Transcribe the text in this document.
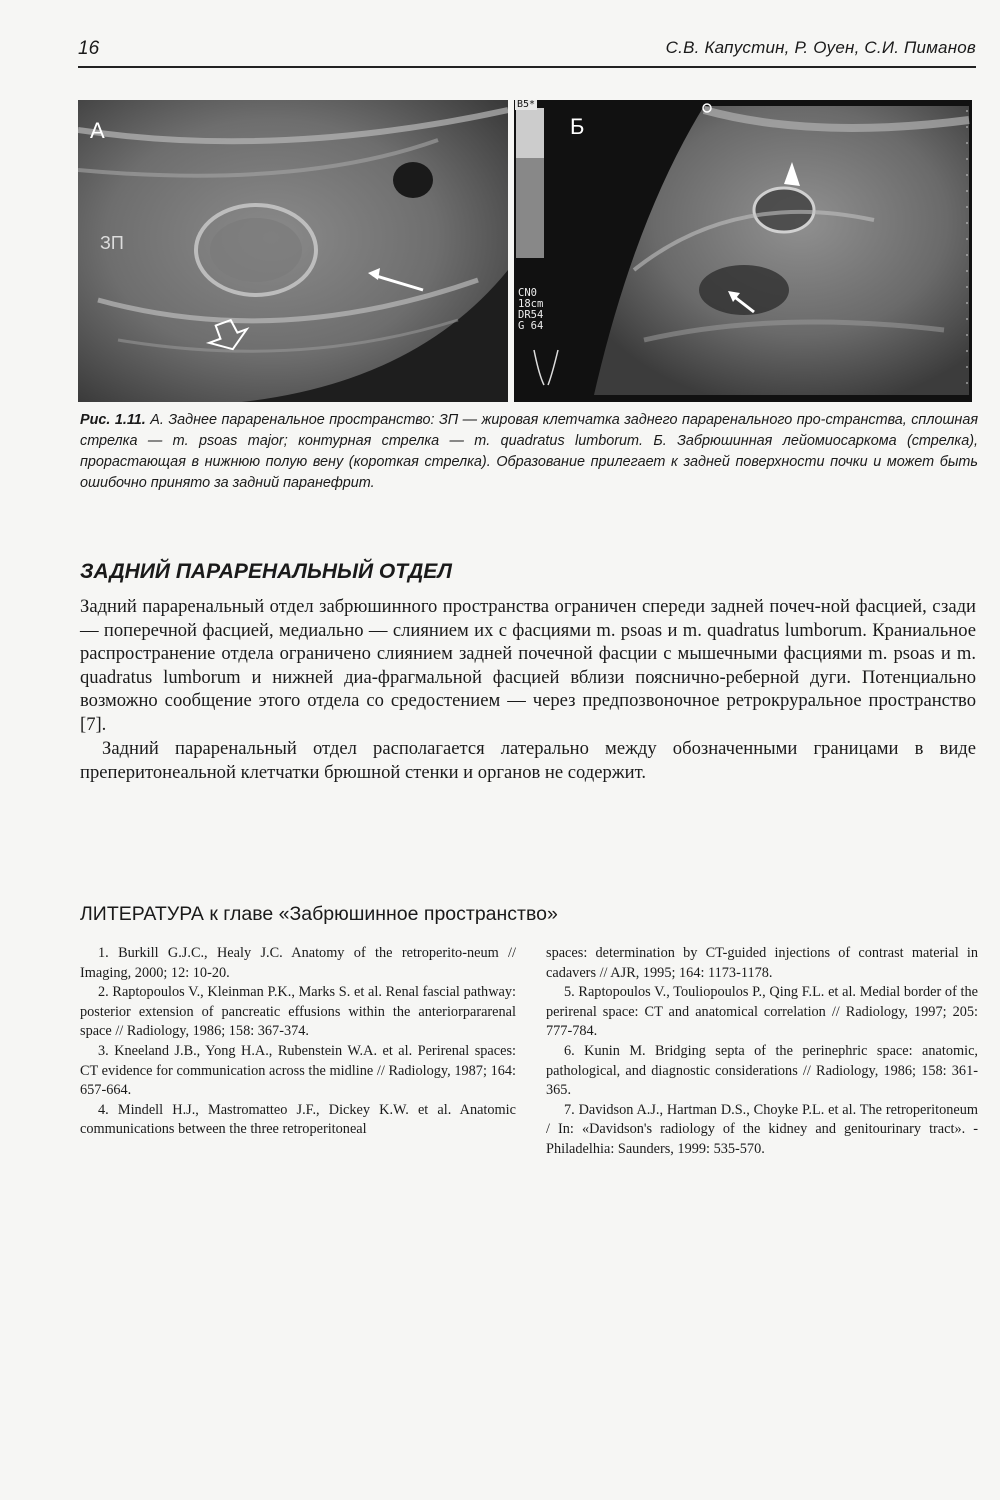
16	С.В. Капустин, Р. Оуен, С.И. Пиманов
А
ЗП
B5*
Б
CN0
18cm
DR54
G 64
Рис. 1.11. А. Заднее параренальное пространство: ЗП — жировая клетчатка заднего параренального про-странства, сплошная стрелка — m. psoas major; контурная стрелка — m. quadratus lumborum. Б. Забрюшинная лейомиосаркома (стрелка), прорастающая в нижнюю полую вену (короткая стрелка). Образование прилегает к задней поверхности почки и может быть ошибочно принято за задний паранефрит.
ЗАДНИЙ ПАРАРЕНАЛЬНЫЙ ОТДЕЛ

Задний параренальный отдел забрюшинного пространства ограничен спереди задней почеч-ной фасцией, сзади — поперечной фасцией, медиально — слиянием их с фасциями m. psoas и m. quadratus lumborum. Краниальное распространение отдела ограничено слиянием задней почечной фасции с мышечными фасциями m. psoas и m. quadratus lumborum и нижней диа-фрагмальной фасцией вблизи пояснично-реберной дуги. Потенциально возможно сообщение этого отдела со средостением — через предпозвоночное ретрокруральное пространство [7].

Задний параренальный отдел располагается латерально между обозначенными границами в виде преперитонеальной клетчатки брюшной стенки и органов не содержит.

ЛИТЕРАТУРА к главе «Забрюшинное пространство»

1. Burkill G.J.C., Healy J.C. Anatomy of the retroperito-neum // Imaging, 2000; 12: 10-20.

2. Raptopoulos V., Kleinman P.K., Marks S. et al. Renal fascial pathway: posterior extension of pancreatic effusions within the anteriorpararenal space // Radiology, 1986; 158: 367-374.

3. Kneeland J.B., Yong H.A., Rubenstein W.A. et al. Perirenal spaces: CT evidence for communication across the midline // Radiology, 1987; 164: 657-664.

4. Mindell H.J., Mastromatteo J.F., Dickey K.W. et al. Anatomic communications between the three retroperitoneal

spaces: determination by CT-guided injections of contrast material in cadavers // AJR, 1995; 164: 1173-1178.

5. Raptopoulos V., Touliopoulos P., Qing F.L. et al. Medial border of the perirenal space: CT and anatomical correlation // Radiology, 1997; 205: 777-784.

6. Kunin M. Bridging septa of the perinephric space: anatomic, pathological, and diagnostic considerations // Radiology, 1986; 158: 361-365.

7. Davidson A.J., Hartman D.S., Choyke P.L. et al. The retroperitoneum / In: «Davidson's radiology of the kidney and genitourinary tract». - Philadelhia: Saunders, 1999: 535-570.
